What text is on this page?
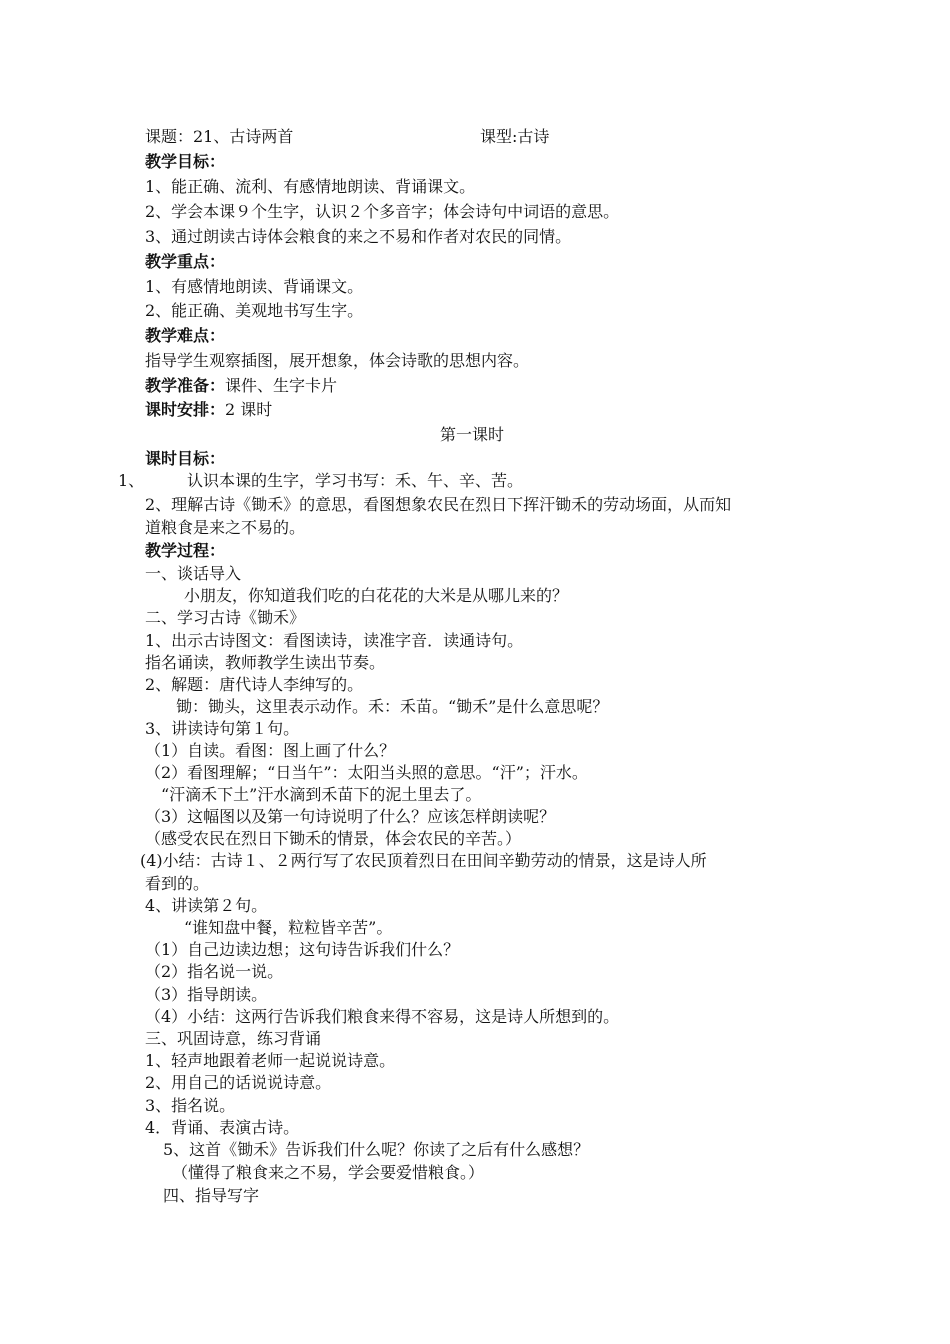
课题：21、古诗两首	课型:古诗
教学目标：
1、能正确、流利、有感情地朗读、背诵课文。
2、学会本课９个生字，认识２个多音字；体会诗句中词语的意思。
3、通过朗读古诗体会粮食的来之不易和作者对农民的同情。
教学重点：
1、有感情地朗读、背诵课文。
2、能正确、美观地书写生字。
教学难点：
指导学生观察插图，展开想象，体会诗歌的思想内容。
教学准备：课件、生字卡片
课时安排：2 课时
第一课时
课时目标：
1、	认识本课的生字，学习书写：禾、午、辛、苦。
2、理解古诗《锄禾》的意思，看图想象农民在烈日下挥汗锄禾的劳动场面，从而知
道粮食是来之不易的。
教学过程：
一、谈话导入
小朋友，你知道我们吃的白花花的大米是从哪儿来的？
二、学习古诗《锄禾》
1、出示古诗图文：看图读诗，读准字音．读通诗句。
指名诵读，教师教学生读出节奏。
2、解题：唐代诗人李绅写的。
锄：锄头，这里表示动作。禾：禾苗。“锄禾”是什么意思呢？
3、讲读诗句第１句。
（1）自读。看图：图上画了什么？
（2）看图理解；“日当午”：太阳当头照的意思。“汗”；汗水。
“汗滴禾下土”汗水滴到禾苗下的泥土里去了。
（3）这幅图以及第一句诗说明了什么？应该怎样朗读呢？
（感受农民在烈日下锄禾的情景，体会农民的辛苦。）
(4)小结：古诗１、２两行写了农民顶着烈日在田间辛勤劳动的情景，这是诗人所
看到的。
4、讲读第２句。
“谁知盘中餐，粒粒皆辛苦”。
（1）自己边读边想；这句诗告诉我们什么？
（2）指名说一说。
（3）指导朗读。
（4）小结：这两行告诉我们粮食来得不容易，这是诗人所想到的。
三、巩固诗意，练习背诵
1、轻声地跟着老师一起说说诗意。
2、用自己的话说说诗意。
3、指名说。
4．背诵、表演古诗。
5、这首《锄禾》告诉我们什么呢？你读了之后有什么感想？
（懂得了粮食来之不易，学会要爱惜粮食。）
四、指导写字
